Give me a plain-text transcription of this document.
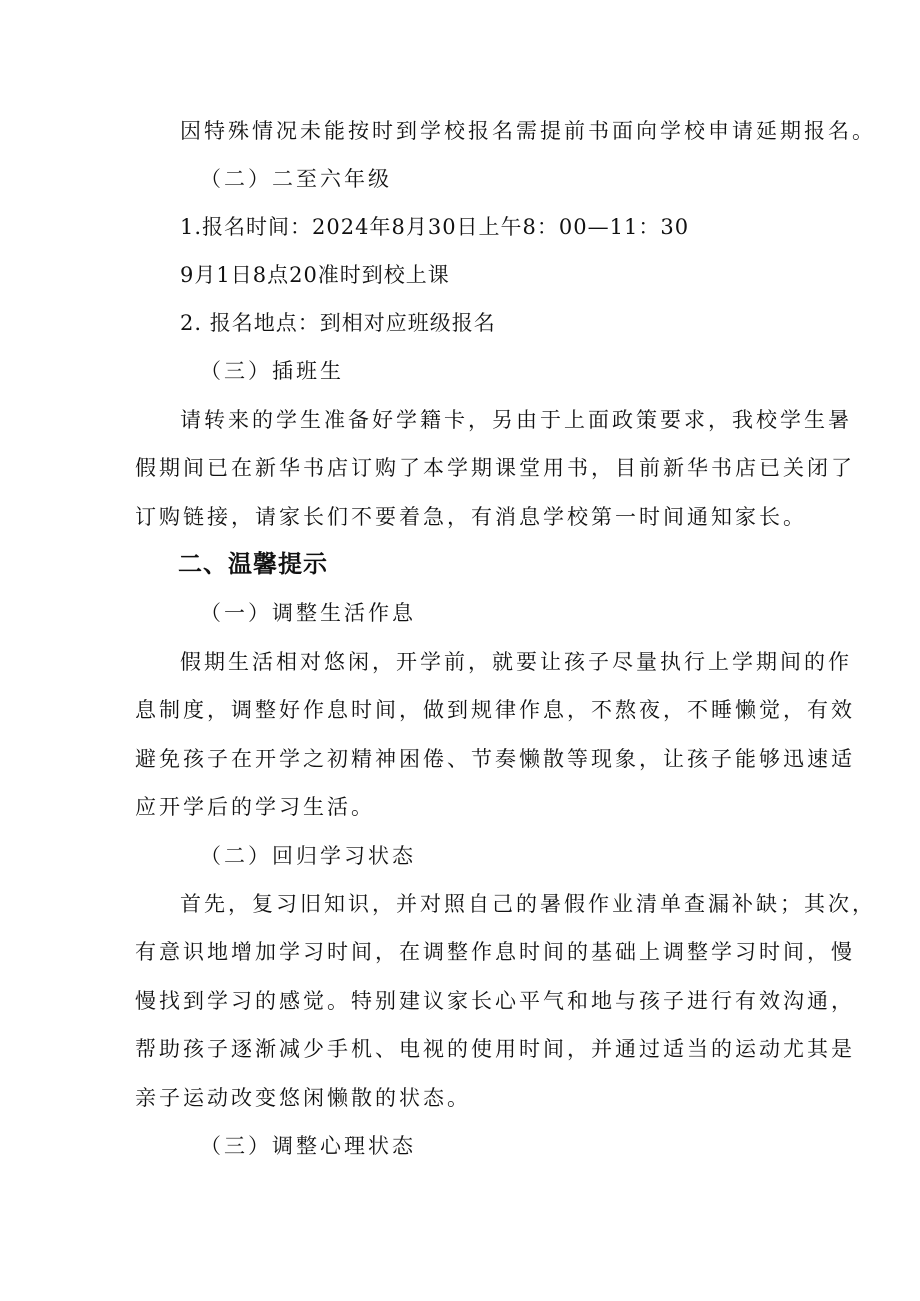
因特殊情况未能按时到学校报名需提前书面向学校申请延期报名。
（二）二至六年级
1.报名时间：2024年8月30日上午8：00—11：30
9月1日8点20准时到校上课
2. 报名地点：到相对应班级报名
（三）插班生
请转来的学生准备好学籍卡，另由于上面政策要求，我校学生暑
假期间已在新华书店订购了本学期课堂用书，目前新华书店已关闭了
订购链接，请家长们不要着急，有消息学校第一时间通知家长。
二、温馨提示
（一）调整生活作息
假期生活相对悠闲，开学前，就要让孩子尽量执行上学期间的作
息制度，调整好作息时间，做到规律作息，不熬夜，不睡懒觉，有效
避免孩子在开学之初精神困倦、节奏懒散等现象，让孩子能够迅速适
应开学后的学习生活。
（二）回归学习状态
首先，复习旧知识，并对照自己的暑假作业清单查漏补缺；其次，
有意识地增加学习时间，在调整作息时间的基础上调整学习时间，慢
慢找到学习的感觉。特别建议家长心平气和地与孩子进行有效沟通，
帮助孩子逐渐减少手机、电视的使用时间，并通过适当的运动尤其是
亲子运动改变悠闲懒散的状态。
（三）调整心理状态
